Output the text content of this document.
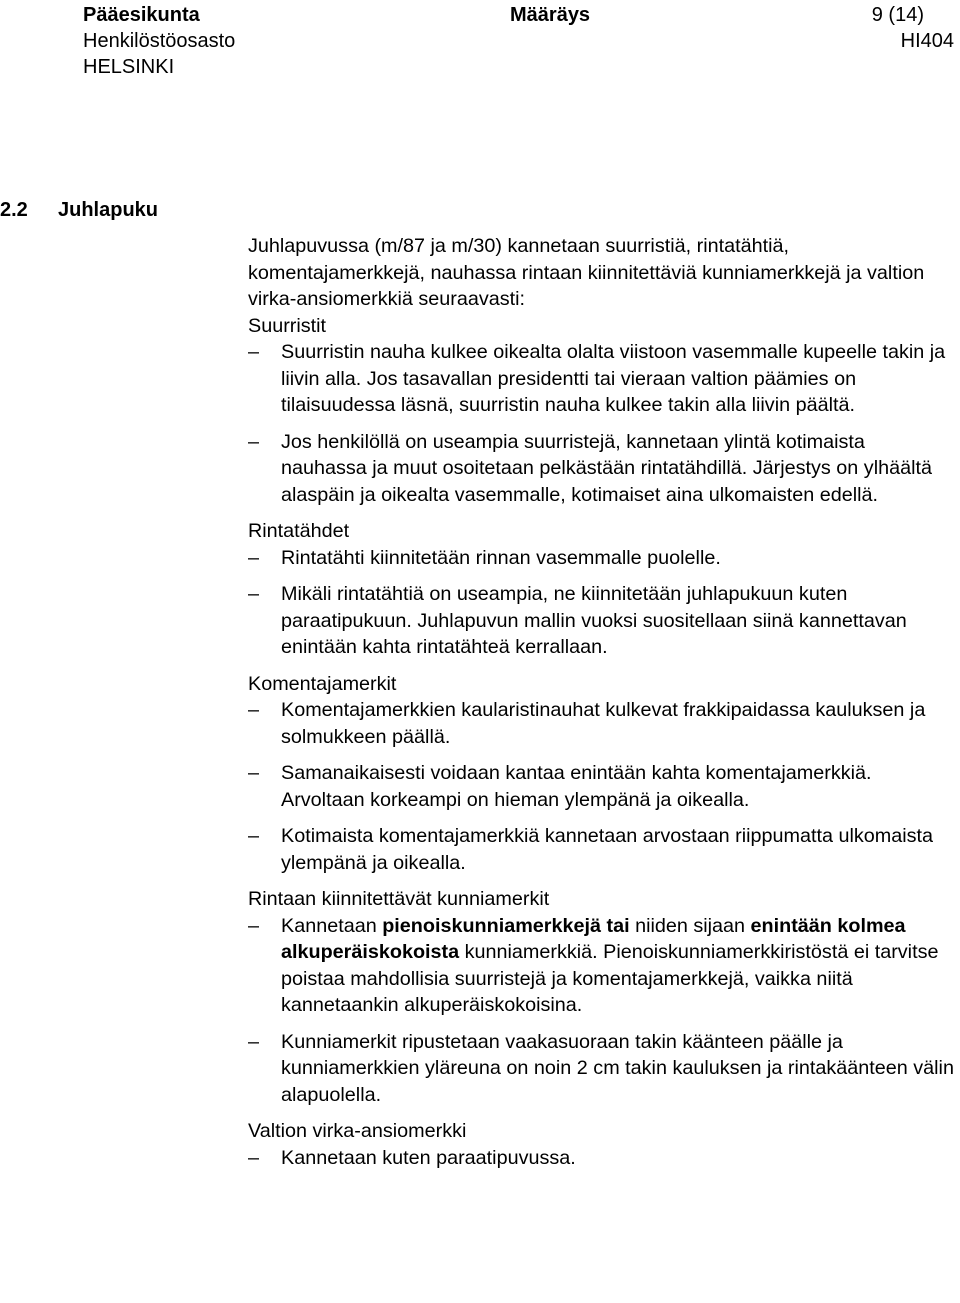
Pääesikunta	Määräys	9 (14)
Henkilöstöosasto	HI404
HELSINKI
2.2 Juhlapuku

Juhlapuvussa (m/87 ja m/30) kannetaan suurristiä, rintatähtiä, komentajamerkkejä, nauhassa rintaan kiinnitettäviä kunniamerkkejä ja valtion virka-ansiomerkkiä seuraavasti:

Suurristit

– Suurristin nauha kulkee oikealta olalta viistoon vasemmalle kupeelle takin ja liivin alla. Jos tasavallan presidentti tai vieraan valtion päämies on tilaisuudessa läsnä, suurristin nauha kulkee takin alla liivin päältä.
– Jos henkilöllä on useampia suurristejä, kannetaan ylintä kotimaista nauhassa ja muut osoitetaan pelkästään rintatähdillä. Järjestys on ylhäältä alaspäin ja oikealta vasemmalle, kotimaiset aina ulkomaisten edellä.

Rintatähdet

– Rintatähti kiinnitetään rinnan vasemmalle puolelle.
– Mikäli rintatähtiä on useampia, ne kiinnitetään juhlapukuun kuten paraatipukuun. Juhlapuvun mallin vuoksi suositellaan siinä kannettavan enintään kahta rintatähteä kerrallaan.

Komentajamerkit

– Komentajamerkkien kaularistinauhat kulkevat frakkipaidassa kauluksen ja solmukkeen päällä.
– Samanaikaisesti voidaan kantaa enintään kahta komentajamerkkiä. Arvoltaan korkeampi on hieman ylempänä ja oikealla.
– Kotimaista komentajamerkkiä kannetaan arvostaan riippumatta ulkomaista ylempänä ja oikealla.

Rintaan kiinnitettävät kunniamerkit

– Kannetaan pienoiskunniamerkkejä tai niiden sijaan enintään kolmea alkuperäiskokoista kunniamerkkiä. Pienoiskunniamerkkiristöstä ei tarvitse poistaa mahdollisia suurristejä ja komentajamerkkejä, vaikka niitä kannetaankin alkuperäiskokoisina.
– Kunniamerkit ripustetaan vaakasuoraan takin käänteen päälle ja kunniamerkkien yläreuna on noin 2 cm takin kauluksen ja rintakäänteen välin alapuolella.

Valtion virka-ansiomerkki

– Kannetaan kuten paraatipuvussa.
